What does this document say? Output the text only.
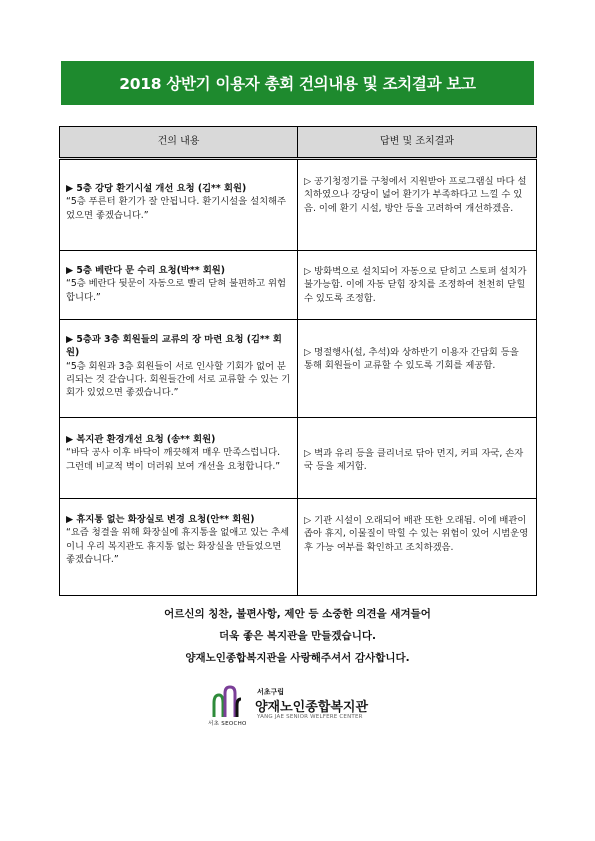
2018 상반기 이용자 총회 건의내용 및 조치결과 보고
건의 내용	답변 및 조치결과

▶ 5층 강당 환기시설 개선 요청 (김** 회원)
“5층 푸른터 환기가 잘 안됩니다. 환기시설을 설치해주었으면 좋겠습니다.”	▷ 공기청정기를 구청에서 지원받아 프로그램실 마다 설치하였으나 강당이 넓어 환기가 부족하다고 느낄 수 있음. 이에 환기 시설, 방안 등을 고려하여 개선하겠음.

▶ 5층 베란다 문 수리 요청(박** 회원)
“5층 베란다 뒷문이 자동으로 빨리 닫혀 불편하고 위험합니다.”	▷ 방화벽으로 설치되어 자동으로 닫히고 스토퍼 설치가 불가능함. 이에 자동 닫힘 장치를 조정하여 천천히 닫힐 수 있도록 조정함.

▶ 5층과 3층 회원들의 교류의 장 마련 요청 (김** 회원)
“5층 회원과 3층 회원들이 서로 인사할 기회가 없어 분리되는 것 같습니다. 회원들간에 서로 교류할 수 있는 기회가 있었으면 좋겠습니다.”	▷ 명절행사(설, 추석)와 상하반기 이용자 간담회 등을 통해 회원들이 교류할 수 있도록 기회를 제공함.

▶ 복지관 환경개선 요청 (송** 회원)
“바닥 공사 이후 바닥이 깨끗해져 매우 만족스럽니다. 그런데 비교적 벽이 더러워 보여 개선을 요청합니다.”	▷ 벽과 유리 등을 클리너로 닦아 먼지, 커피 자국, 손자국 등을 제거함.

▶ 휴지통 없는 화장실로 변경 요청(안** 회원)
“요즘 청결을 위해 화장실에 휴지통을 없애고 있는 추세이니 우리 복지관도 휴지통 없는 화장실을 만들었으면 좋겠습니다.”	▷ 기관 시설이 오래되어 배관 또한 오래됨. 이에 배관이 좁아 휴지, 이물질이 막힐 수 있는 위험이 있어 시범운영 후 가능 여부를 확인하고 조치하겠음.
어르신의 칭찬, 불편사항, 제안 등 소중한 의견을 새겨들어
더욱 좋은 복지관을 만들겠습니다.
양재노인종합복지관을 사랑해주셔서 감사합니다.
서초 SEOCHO
서초구립
양재노인종합복지관
YANG JAE SENIOR WELFERE CENTER
